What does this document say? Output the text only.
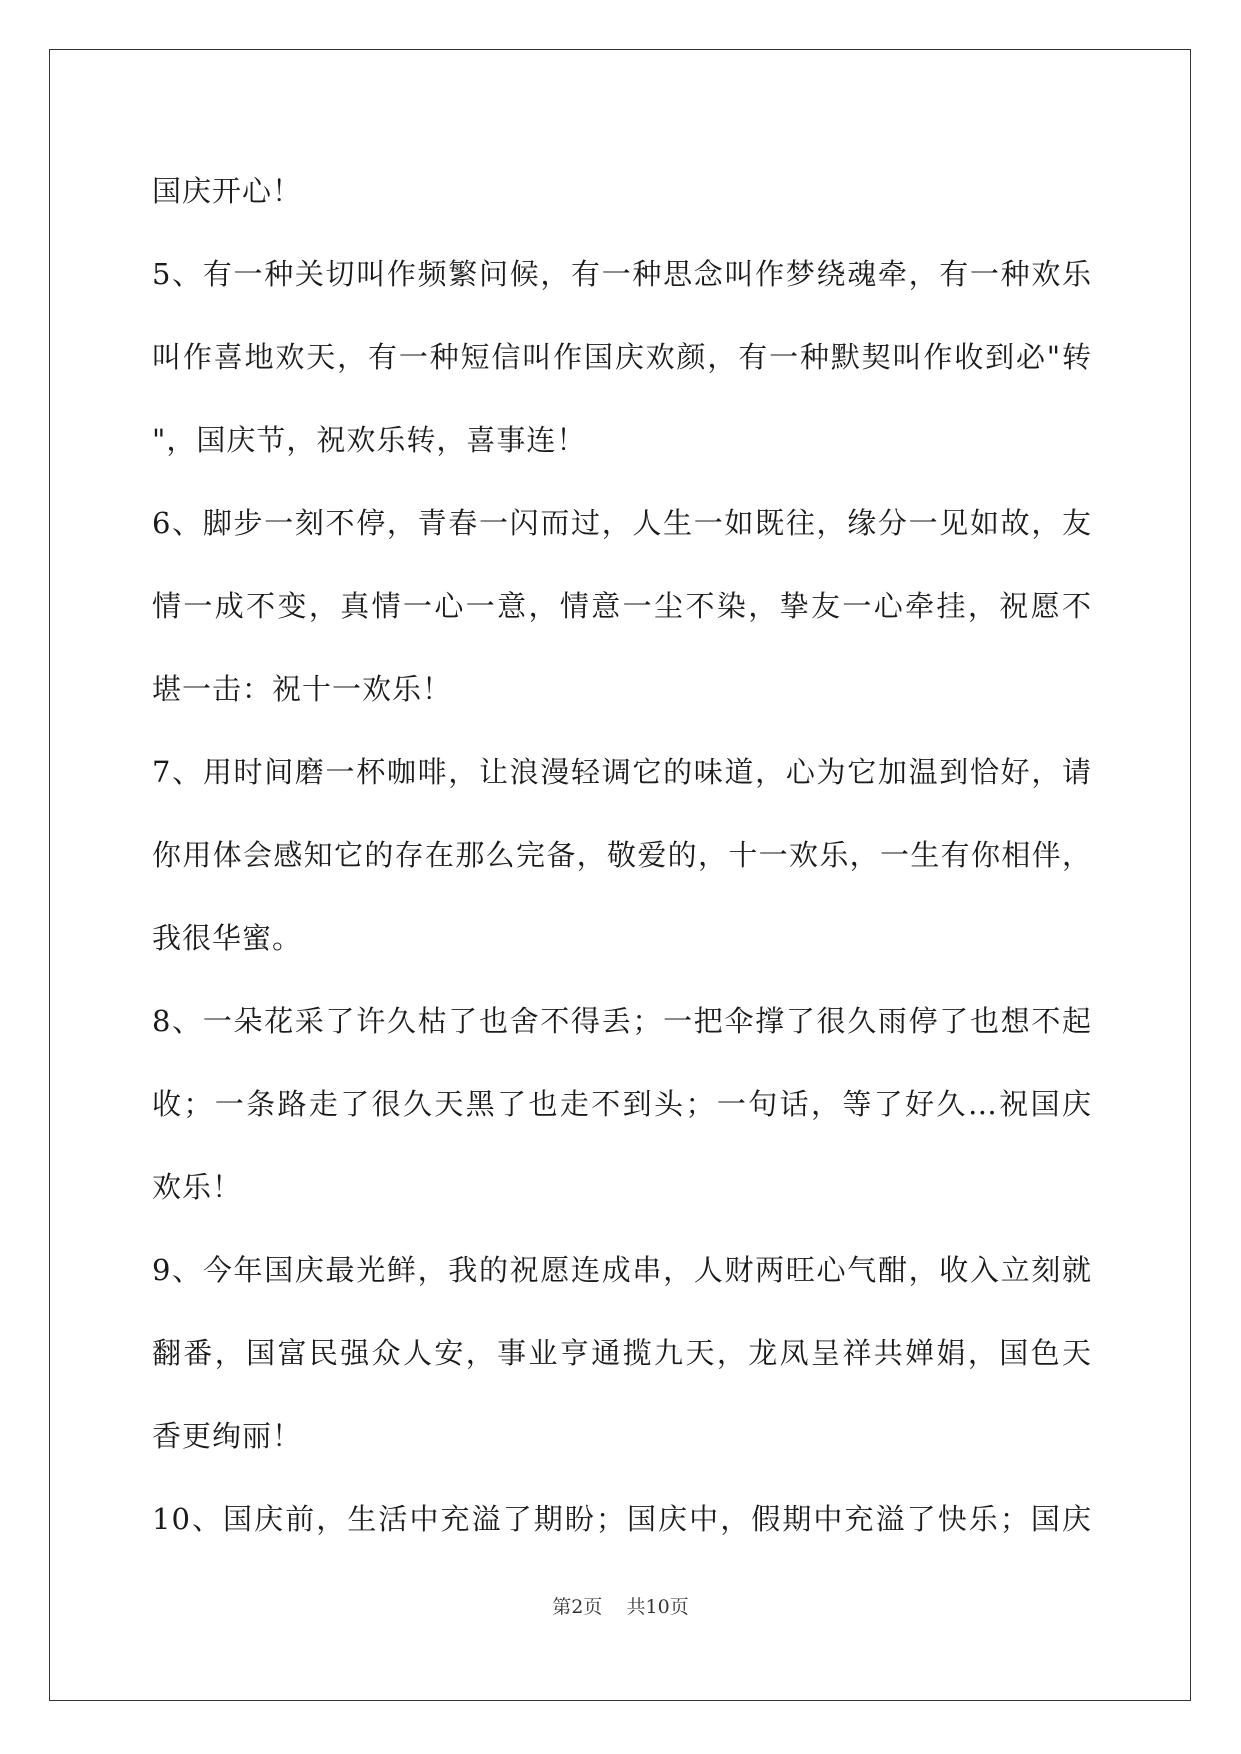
国庆开心！
5、有一种关切叫作频繁问候，有一种思念叫作梦绕魂牵，有一种欢乐
叫作喜地欢天，有一种短信叫作国庆欢颜，有一种默契叫作收到必"转
"，国庆节，祝欢乐转，喜事连！
6、脚步一刻不停，青春一闪而过，人生一如既往，缘分一见如故，友
情一成不变，真情一心一意，情意一尘不染，挚友一心牵挂，祝愿不
堪一击：祝十一欢乐！
7、用时间磨一杯咖啡，让浪漫轻调它的味道，心为它加温到恰好，请
你用体会感知它的存在那么完备，敬爱的，十一欢乐，一生有你相伴，
我很华蜜。
8、一朵花采了许久枯了也舍不得丢；一把伞撑了很久雨停了也想不起
收；一条路走了很久天黑了也走不到头；一句话，等了好久…祝国庆
欢乐！
9、今年国庆最光鲜，我的祝愿连成串，人财两旺心气酣，收入立刻就
翻番，国富民强众人安，事业亨通揽九天，龙凤呈祥共婵娟，国色天
香更绚丽！
10、国庆前，生活中充溢了期盼；国庆中，假期中充溢了快乐；国庆
第2页 共10页
